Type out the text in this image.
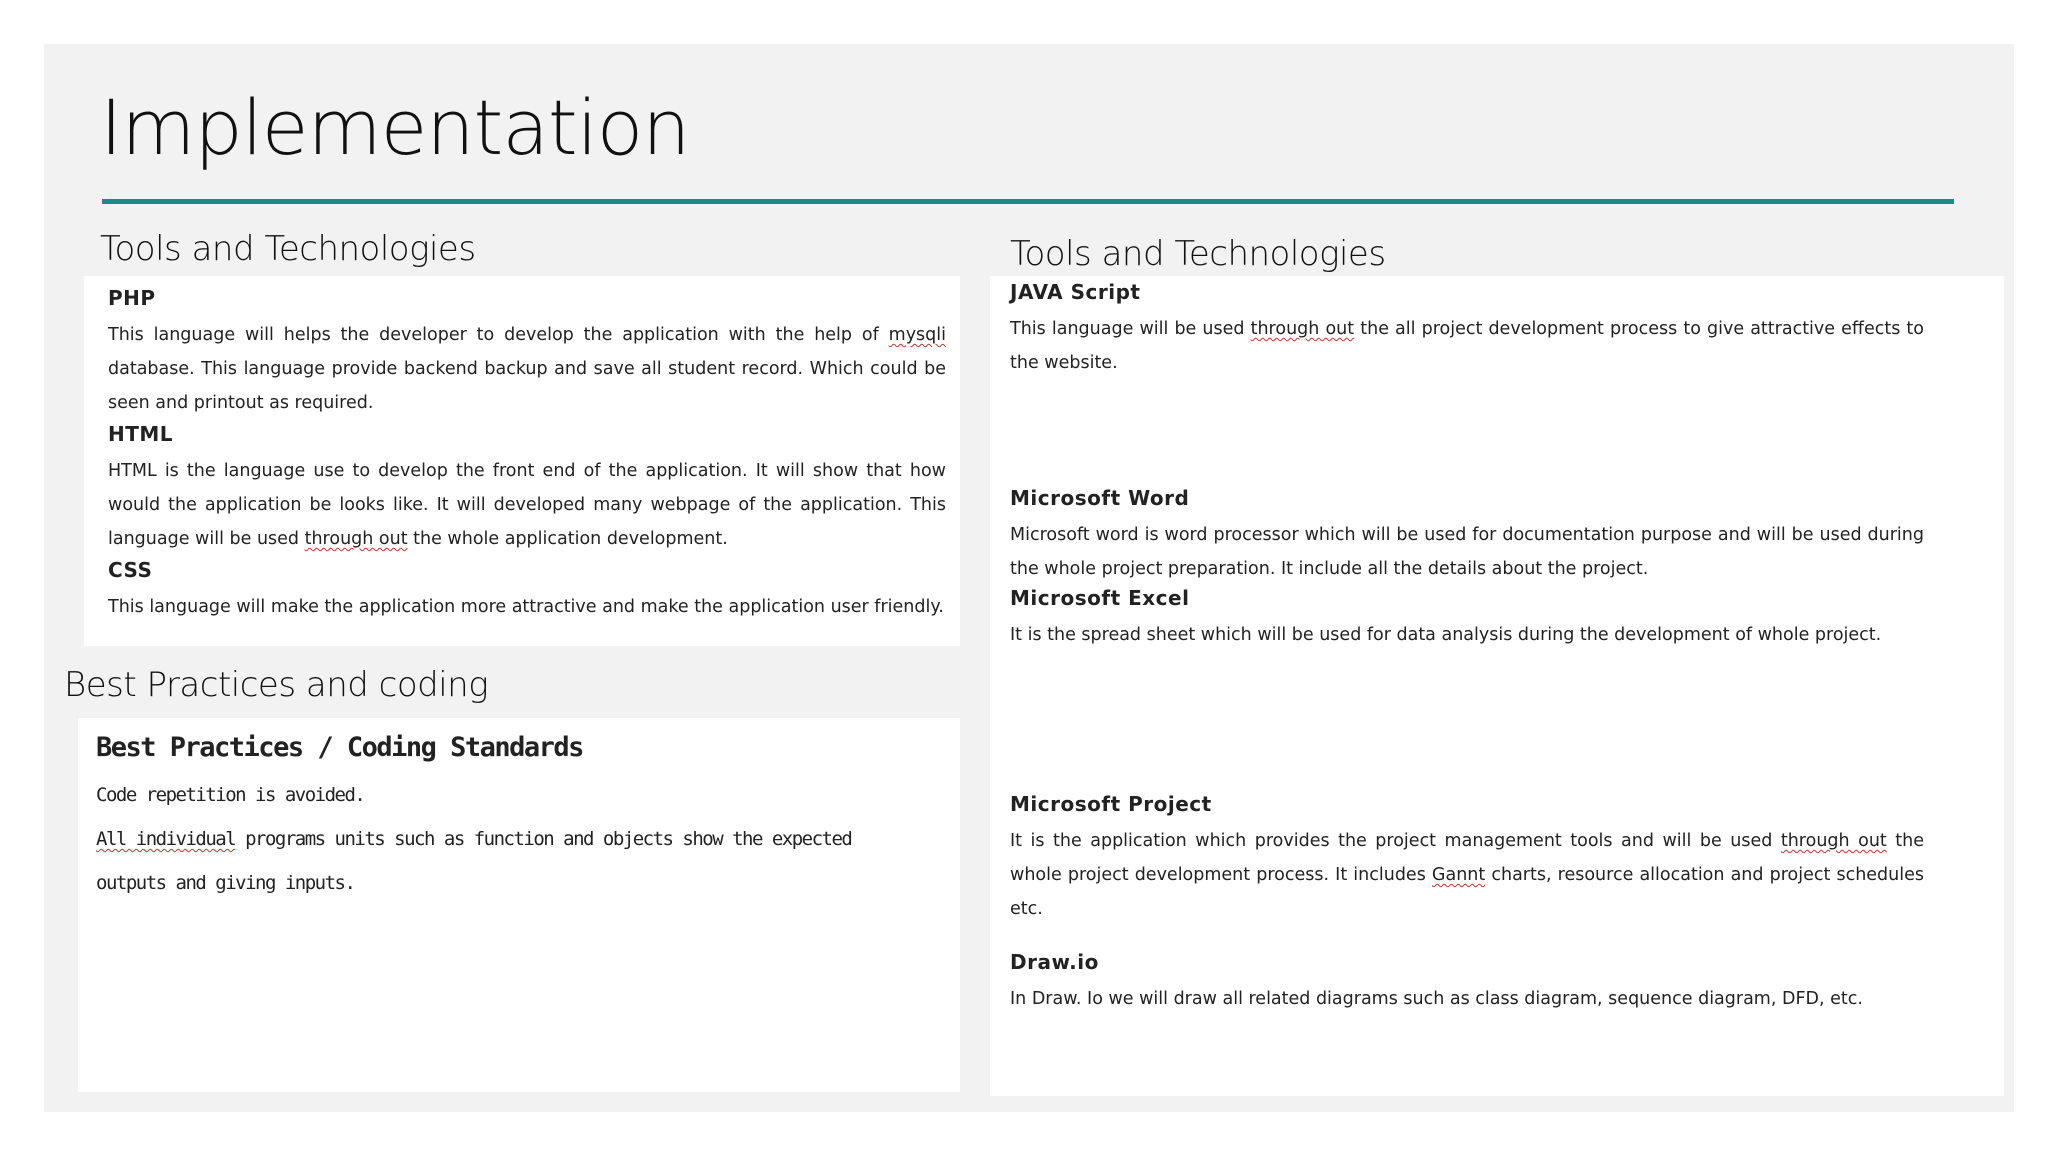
Implementation
Tools and Technologies

PHP

This language will helps the developer to develop the application with the help of mysqli database. This language provide backend backup and save all student record. Which could be seen and printout as required.

HTML

HTML is the language use to develop the front end of the application. It will show that how would the application be looks like. It will developed many webpage of the application. This language will be used through out the whole application development.

CSS

This language will make the application more attractive and make the application user friendly.

Best Practices and coding

Best Practices / Coding Standards

Code repetition is avoided.
All individual programs units such as function and objects show the expected outputs and giving inputs.

Tools and Technologies

JAVA Script

This language will be used through out the all project development process to give attractive effects to the website.

Microsoft Word

Microsoft word is word processor which will be used for documentation purpose and will be used during the whole project preparation. It include all the details about the project.

Microsoft Excel

It is the spread sheet which will be used for data analysis during the development of whole project.

Microsoft Project

It is the application which provides the project management tools and will be used through out the whole project development process. It includes Gannt charts, resource allocation and project schedules etc.

Draw.io

In Draw. Io we will draw all related diagrams such as class diagram, sequence diagram, DFD, etc.
